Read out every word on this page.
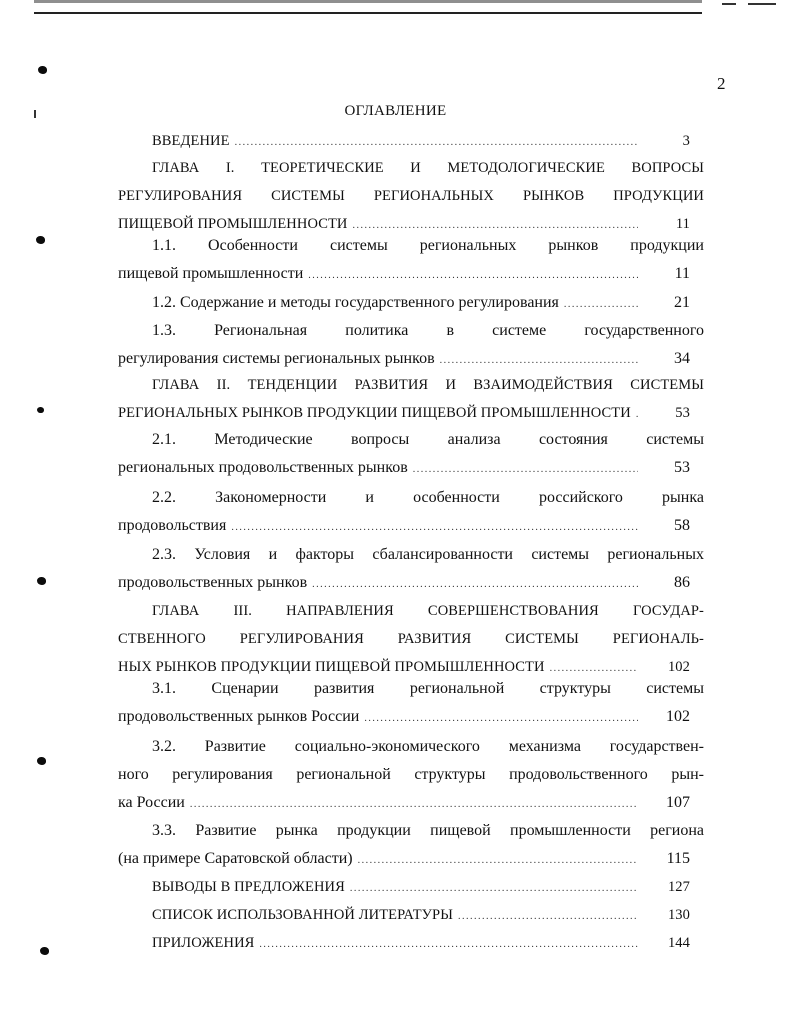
2
ОГЛАВЛЕНИЕ
ВВЕДЕНИЕ .....	3
ГЛАВА I. ТЕОРЕТИЧЕСКИЕ И МЕТОДОЛОГИЧЕСКИЕ ВОПРОСЫ
РЕГУЛИРОВАНИЯ СИСТЕМЫ РЕГИОНАЛЬНЫХ РЫНКОВ ПРОДУКЦИИ
ПИЩЕВОЙ ПРОМЫШЛЕННОСТИ .....	11
1.1. Особенности системы региональных рынков продукции
пищевой промышленности .....	11
1.2. Содержание и методы государственного регулирования .....	21
1.3. Региональная политика в системе государственного
регулирования системы региональных рынков .....	34
ГЛАВА II. ТЕНДЕНЦИИ РАЗВИТИЯ И ВЗАИМОДЕЙСТВИЯ СИСТЕМЫ
РЕГИОНАЛЬНЫХ РЫНКОВ ПРОДУКЦИИ ПИЩЕВОЙ ПРОМЫШЛЕННОСТИ .....	53
2.1. Методические вопросы анализа состояния системы
региональных продовольственных рынков .....	53
2.2. Закономерности и особенности российского рынка
продовольствия .....	58
2.3. Условия и факторы сбалансированности системы региональных
продовольственных рынков .....	86
ГЛАВА III. НАПРАВЛЕНИЯ СОВЕРШЕНСТВОВАНИЯ ГОСУДАР-
СТВЕННОГО РЕГУЛИРОВАНИЯ РАЗВИТИЯ СИСТЕМЫ РЕГИОНАЛЬ-
НЫХ РЫНКОВ ПРОДУКЦИИ ПИЩЕВОЙ ПРОМЫШЛЕННОСТИ .....	102
3.1. Сценарии развития региональной структуры системы
продовольственных рынков России .....	102
3.2. Развитие социально-экономического механизма государствен-
ного регулирования региональной структуры продовольственного рын-
ка России .....	107
3.3. Развитие рынка продукции пищевой промышленности региона
(на примере Саратовской области) .....	115
ВЫВОДЫ В ПРЕДЛОЖЕНИЯ .....	127
СПИСОК ИСПОЛЬЗОВАННОЙ ЛИТЕРАТУРЫ .....	130
ПРИЛОЖЕНИЯ .....	144
